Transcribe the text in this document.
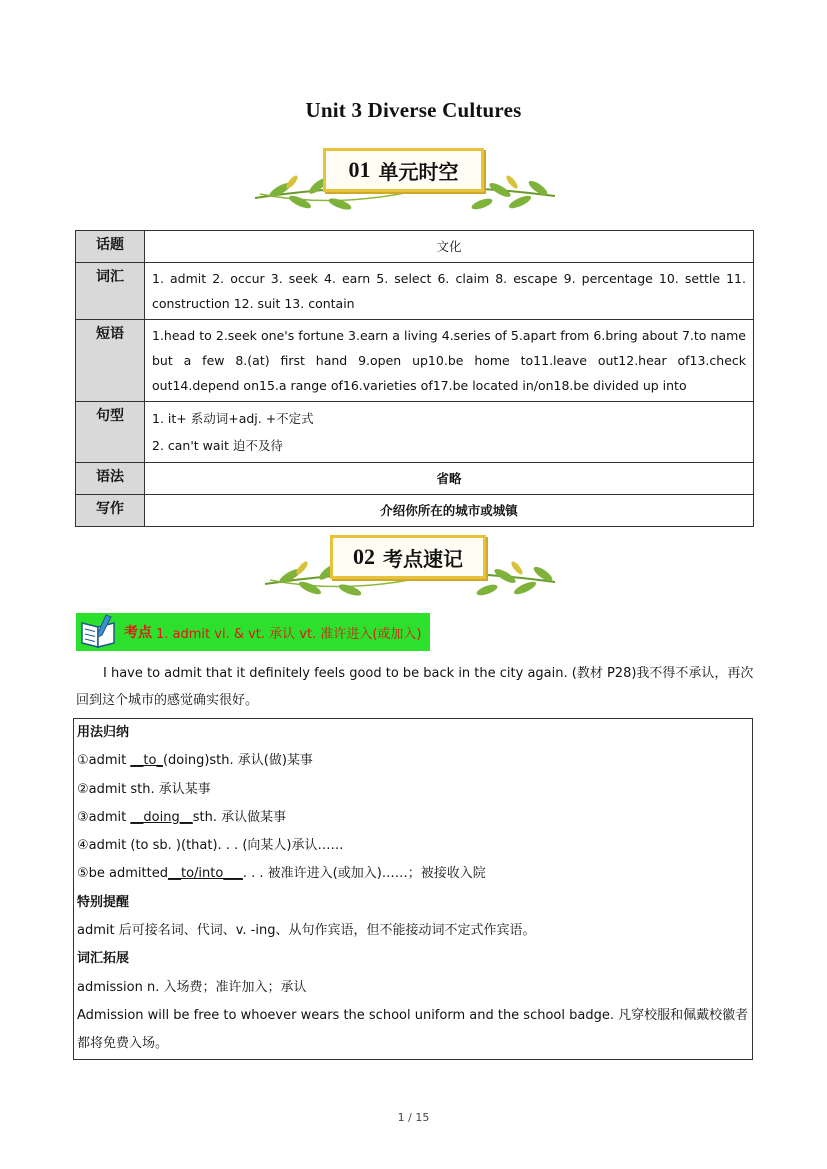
Unit 3 Diverse Cultures
01 单元时空
话题	文化
词汇	1. admit 2. occur 3. seek 4. earn 5. select 6. claim 8. escape 9. percentage 10. settle 11. construction 12. suit 13. contain
短语	1.head to 2.seek one's fortune 3.earn a living 4.series of 5.apart from 6.bring about 7.to name but a few 8.(at) first hand 9.open up10.be home to11.leave out12.hear of13.check out14.depend on15.a range of16.varieties of17.be located in/on18.be divided up into
句型	1. it+ 系动词+adj. +不定式
2. can't wait 迫不及待

语法	省略
写作	介绍你所在的城市或城镇
02 考点速记
考点 1. admit vi. & vt. 承认 vt. 准许进入(或加入)
I have to admit that it definitely feels good to be back in the city again. (教材 P28)我不得不承认，再次回到这个城市的感觉确实很好。
用法归纳
①admit __to_(doing)sth. 承认(做)某事
②admit sth. 承认某事
③admit __doing__sth. 承认做某事
④admit (to sb. )(that). . . (向某人)承认……
⑤be admitted__to/into___. . . 被准许进入(或加入)……；被接收入院
特别提醒
admit 后可接名词、代词、v. -ing、从句作宾语，但不能接动词不定式作宾语。
词汇拓展
admission n. 入场费；准许加入；承认
Admission will be free to whoever wears the school uniform and the school badge. 凡穿校服和佩戴校徽者都将免费入场。
1 / 15
